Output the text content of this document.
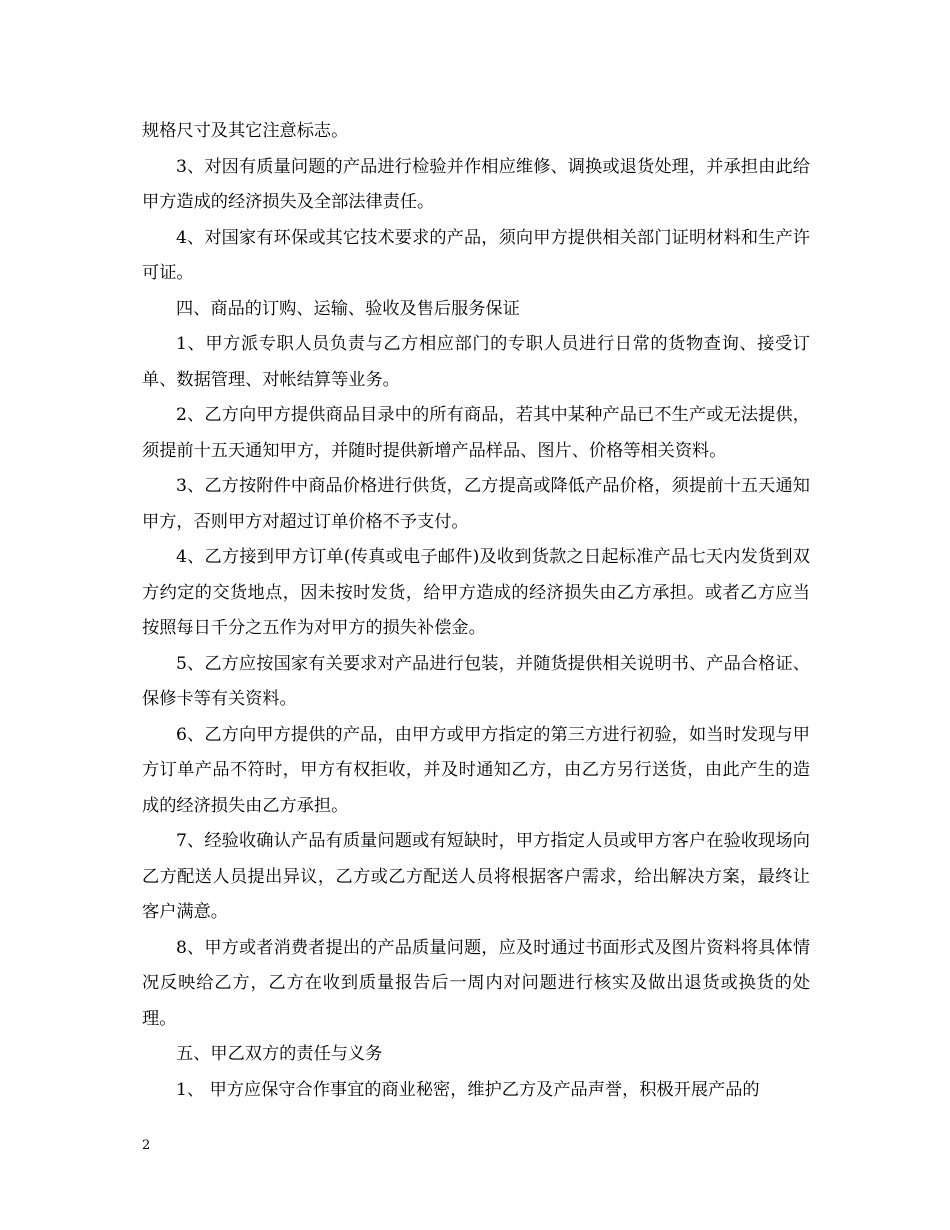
规格尺寸及其它注意标志。

3、对因有质量问题的产品进行检验并作相应维修、调换或退货处理，并承担由此给甲方造成的经济损失及全部法律责任。

4、对国家有环保或其它技术要求的产品，须向甲方提供相关部门证明材料和生产许可证。

四、商品的订购、运输、验收及售后服务保证

1、甲方派专职人员负责与乙方相应部门的专职人员进行日常的货物查询、接受订单、数据管理、对帐结算等业务。

2、乙方向甲方提供商品目录中的所有商品，若其中某种产品已不生产或无法提供，须提前十五天通知甲方，并随时提供新增产品样品、图片、价格等相关资料。

3、乙方按附件中商品价格进行供货，乙方提高或降低产品价格，须提前十五天通知甲方，否则甲方对超过订单价格不予支付。

4、乙方接到甲方订单(传真或电子邮件)及收到货款之日起标准产品七天内发货到双方约定的交货地点，因未按时发货，给甲方造成的经济损失由乙方承担。或者乙方应当按照每日千分之五作为对甲方的损失补偿金。

5、乙方应按国家有关要求对产品进行包装，并随货提供相关说明书、产品合格证、保修卡等有关资料。

6、乙方向甲方提供的产品，由甲方或甲方指定的第三方进行初验，如当时发现与甲方订单产品不符时，甲方有权拒收，并及时通知乙方，由乙方另行送货，由此产生的造成的经济损失由乙方承担。

7、经验收确认产品有质量问题或有短缺时，甲方指定人员或甲方客户在验收现场向乙方配送人员提出异议，乙方或乙方配送人员将根据客户需求，给出解决方案，最终让客户满意。

8、甲方或者消费者提出的产品质量问题，应及时通过书面形式及图片资料将具体情况反映给乙方，乙方在收到质量报告后一周内对问题进行核实及做出退货或换货的处理。

五、甲乙双方的责任与义务

1、 甲方应保守合作事宜的商业秘密，维护乙方及产品声誉，积极开展产品的

2
